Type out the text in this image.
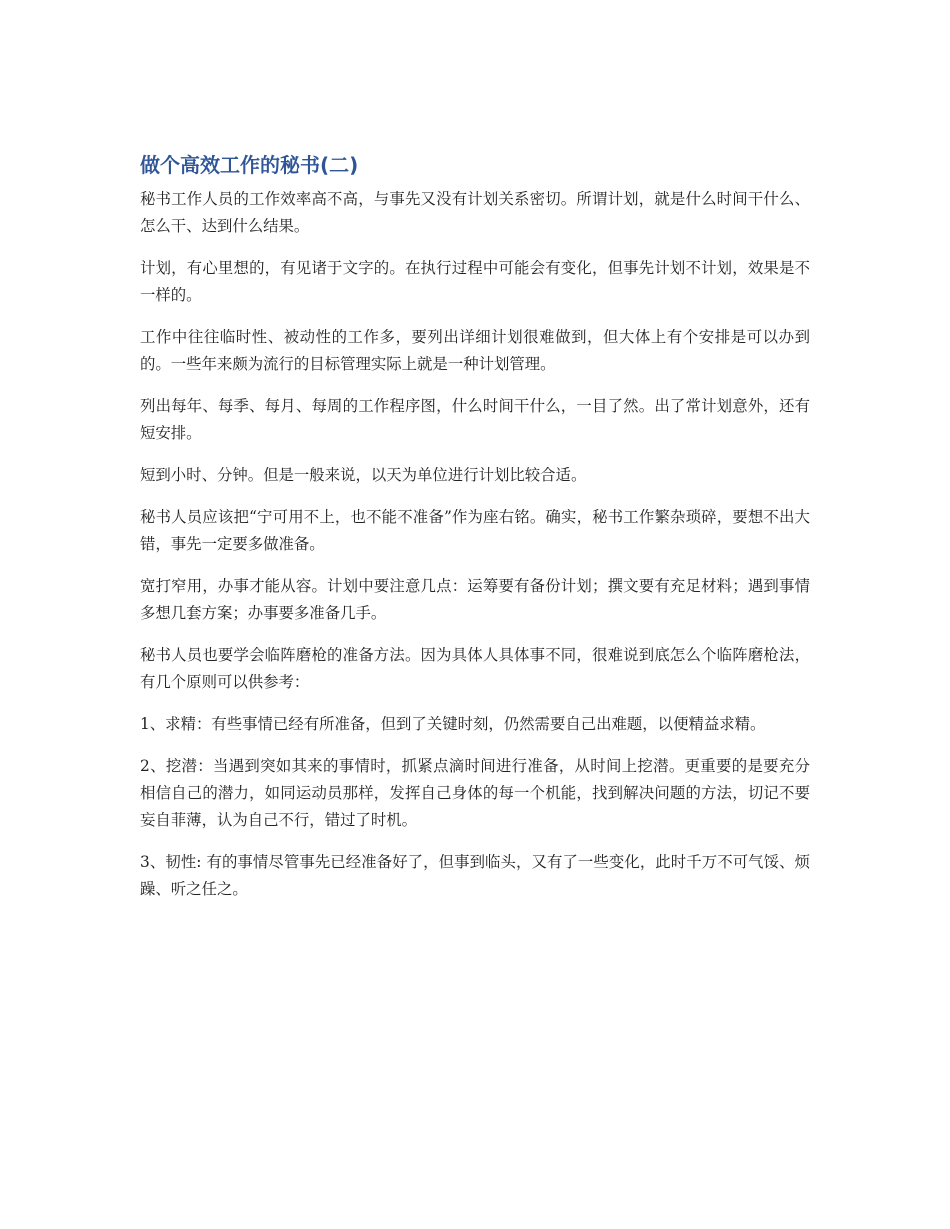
做个高效工作的秘书(二)

秘书工作人员的工作效率高不高，与事先又没有计划关系密切。所谓计划，就是什么时间干什么、怎么干、达到什么结果。

计划，有心里想的，有见诸于文字的。在执行过程中可能会有变化，但事先计划不计划，效果是不一样的。

工作中往往临时性、被动性的工作多，要列出详细计划很难做到，但大体上有个安排是可以办到的。一些年来颇为流行的目标管理实际上就是一种计划管理。

列出每年、每季、每月、每周的工作程序图，什么时间干什么，一目了然。出了常计划意外，还有短安排。

短到小时、分钟。但是一般来说，以天为单位进行计划比较合适。

秘书人员应该把“宁可用不上，也不能不准备”作为座右铭。确实，秘书工作繁杂琐碎，要想不出大错，事先一定要多做准备。

宽打窄用，办事才能从容。计划中要注意几点：运筹要有备份计划；撰文要有充足材料；遇到事情多想几套方案；办事要多准备几手。

秘书人员也要学会临阵磨枪的准备方法。因为具体人具体事不同，很难说到底怎么个临阵磨枪法，有几个原则可以供参考：

1、求精：有些事情已经有所准备，但到了关键时刻，仍然需要自己出难题，以便精益求精。

2、挖潜：当遇到突如其来的事情时，抓紧点滴时间进行准备，从时间上挖潜。更重要的是要充分相信自己的潜力，如同运动员那样，发挥自己身体的每一个机能，找到解决问题的方法，切记不要妄自菲薄，认为自己不行，错过了时机。

3、韧性: 有的事情尽管事先已经准备好了，但事到临头，又有了一些变化，此时千万不可气馁、烦躁、听之任之。
